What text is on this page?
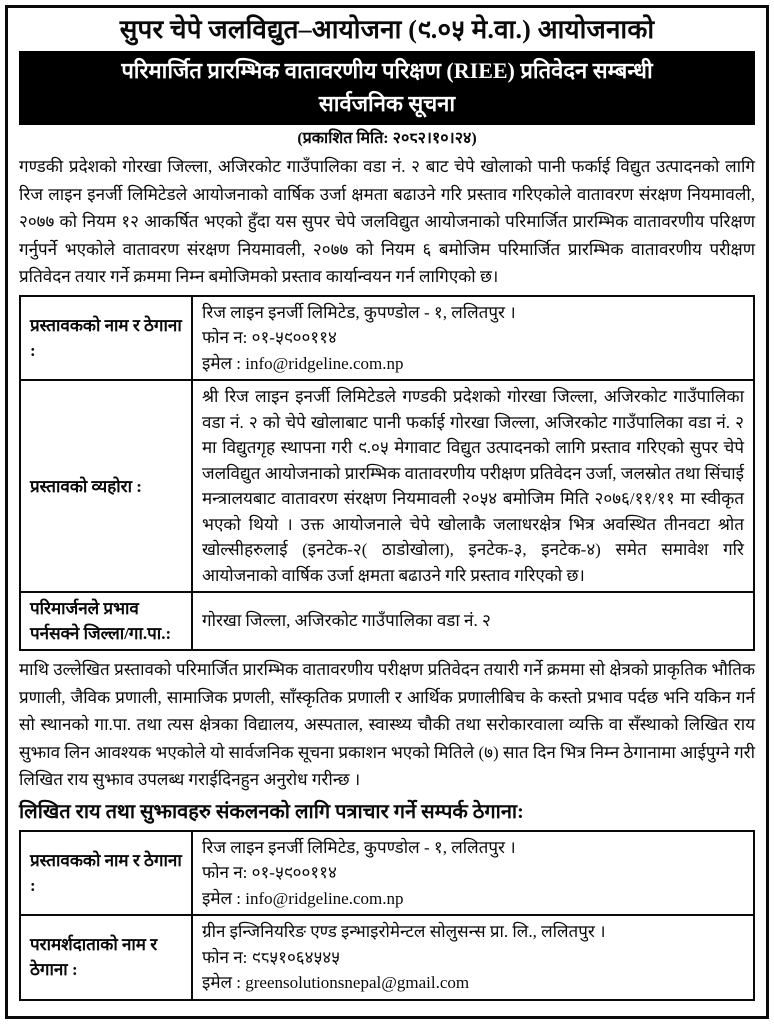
सुपर चेपे जलविद्युत–आयोजना (९.०५ मे.वा.) आयोजनाको
परिमार्जित प्रारम्भिक वातावरणीय परिक्षण (RIEE) प्रतिवेदन सम्बन्धी
सार्वजनिक सूचना
(प्रकाशित मिति: २०८२।१०।२४)

गण्डकी प्रदेशको गोरखा जिल्ला, अजिरकोट गाउँपालिका वडा नं. २ बाट चेपे खोलाको पानी फर्काई विद्युत उत्पादनको लागि रिज लाइन इनर्जी लिमिटेडले आयोजनाको वार्षिक उर्जा क्षमता बढाउने गरि प्रस्ताव गरिएकोले वातावरण संरक्षण नियमावली, २०७७ को नियम १२ आकर्षित भएको हुँदा यस सुपर चेपे जलविद्युत आयोजनाको परिमार्जित प्रारम्भिक वातावरणीय परिक्षण गर्नुपर्ने भएकोले वातावरण संरक्षण नियमावली, २०७७ को नियम ६ बमोजिम परिमार्जित प्रारम्भिक वातावरणीय परीक्षण प्रतिवेदन तयार गर्ने क्रममा निम्न बमोजिमको प्रस्ताव कार्यान्वयन गर्न लागिएको छ।

प्रस्तावकको नाम र ठेगाना :	रिज लाइन इनर्जी लिमिटेड, कुपण्डोल - १, ललितपुर ।
फोन न: ०१-५९००११४
इमेल : info@ridgeline.com.np

प्रस्तावको व्यहोरा :	श्री रिज लाइन इनर्जी लिमिटेडले गण्डकी प्रदेशको गोरखा जिल्ला, अजिरकोट गाउँपालिका वडा नं. २ को चेपे खोलाबाट पानी फर्काई गोरखा जिल्ला, अजिरकोट गाउँपालिका वडा नं. २ मा विद्युतगृह स्थापना गरी ९.०५ मेगावाट विद्युत उत्पादनको लागि प्रस्ताव गरिएको सुपर चेपे जलविद्युत आयोजनाको प्रारम्भिक वातावरणीय परीक्षण प्रतिवेदन उर्जा, जलस्रोत तथा सिंचाई मन्त्रालयबाट वातावरण संरक्षण नियमावली २०५४ बमोजिम मिति २०७६/११/११ मा स्वीकृत भएको थियो । उक्त आयोजनाले चेपे खोलाकै जलाधरक्षेत्र भित्र अवस्थित तीनवटा श्रोत खोल्सीहरुलाई (इनटेक-२( ठाडोखोला), इनटेक-३, इनटेक-४) समेत समावेश गरि आयोजनाको वार्षिक उर्जा क्षमता बढाउने गरि प्रस्ताव गरिएको छ।
परिमार्जनले प्रभाव पर्नसक्ने जिल्ला/गा.पा.:	गोरखा जिल्ला, अजिरकोट गाउँपालिका वडा नं. २

माथि उल्लेखित प्रस्तावको परिमार्जित प्रारम्भिक वातावरणीय परीक्षण प्रतिवेदन तयारी गर्ने क्रममा सो क्षेत्रको प्राकृतिक भौतिक प्रणाली, जैविक प्रणाली, सामाजिक प्रणली, साँस्कृतिक प्रणाली र आर्थिक प्रणालीबिच के कस्तो प्रभाव पर्दछ भनि यकिन गर्न सो स्थानको गा.पा. तथा त्यस क्षेत्रका विद्यालय, अस्पताल, स्वास्थ्य चौकी तथा सरोकारवाला व्यक्ति वा सँस्थाको लिखित राय सुझाव लिन आवश्यक भएकोले यो सार्वजनिक सूचना प्रकाशन भएको मितिले (७) सात दिन भित्र निम्न ठेगानामा आईपुग्ने गरी लिखित राय सुझाव उपलब्ध गराईदिनहुन अनुरोध गरीन्छ ।

लिखित राय तथा सुझावहरु संकलनको लागि पत्राचार गर्ने सम्पर्क ठेगाना:
प्रस्तावकको नाम र ठेगाना :	रिज लाइन इनर्जी लिमिटेड, कुपण्डोल - १, ललितपुर ।
फोन न: ०१-५९००११४
इमेल : info@ridgeline.com.np

परामर्शदाताको नाम र ठेगाना :	ग्रीन इन्जिनियरिङ एण्ड इन्भाइरोमेन्टल सोलुसन्स प्रा. लि., ललितपुर ।
फोन न: ९८५१०६४५४५
इमेल : greensolutionsnepal@gmail.com
